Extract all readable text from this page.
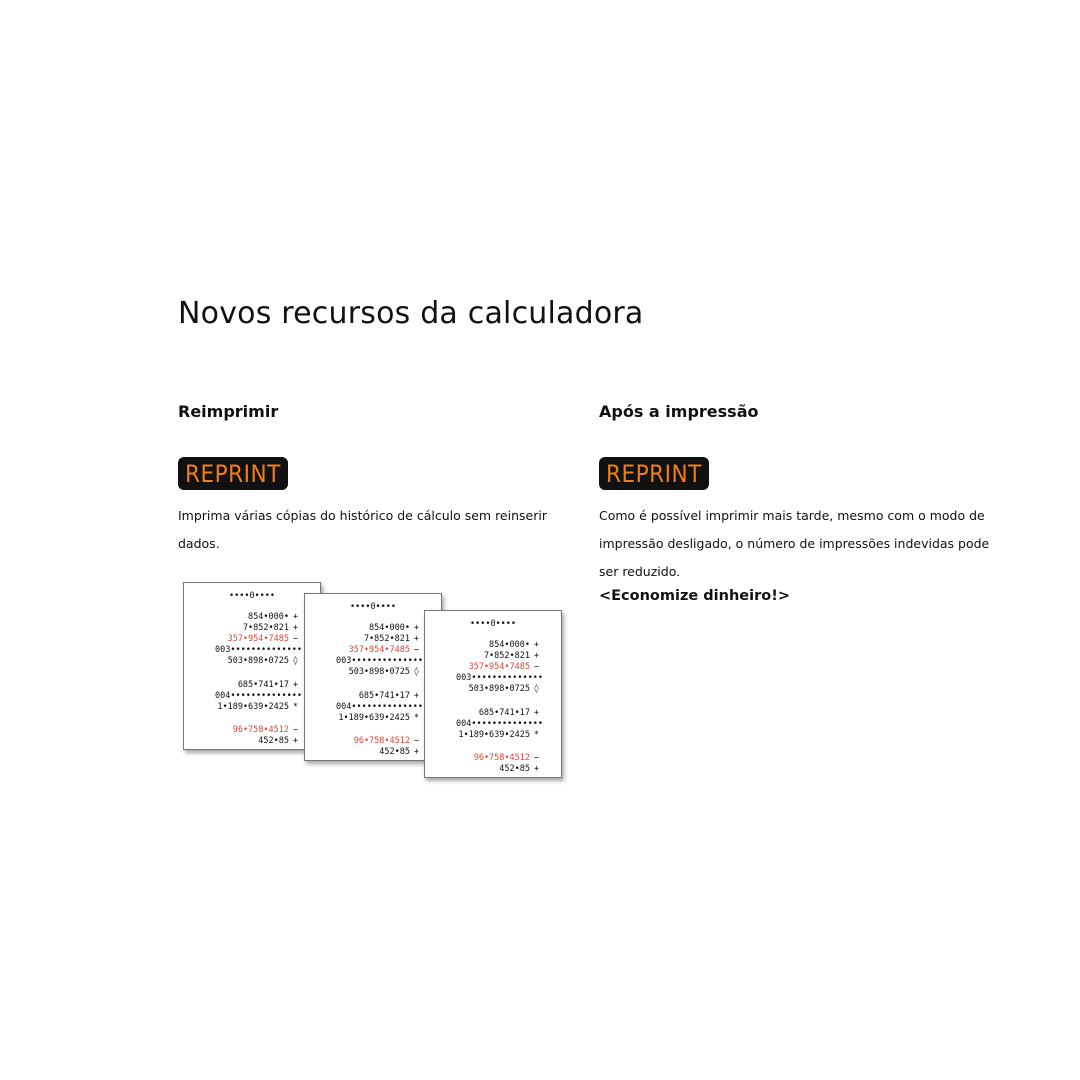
Novos recursos da calculadora
Reimprimir
REPRINT

Imprima várias cópias do histórico de cálculo sem reinserir dados.

••••0••••
854•000• +
7•852•821 +
357•954•7485 −
003••••••••••••••
503•898•0725 ◊
685•741•17 +
004••••••••••••••
1•189•639•2425 *
96•758•4512 −
452•85 +
••••0••••
854•000• +
7•852•821 +
357•954•7485 −
003••••••••••••••
503•898•0725 ◊
685•741•17 +
004••••••••••••••
1•189•639•2425 *
96•758•4512 −
452•85 +
••••0••••
854•000• +
7•852•821 +
357•954•7485 −
003••••••••••••••
503•898•0725 ◊
685•741•17 +
004••••••••••••••
1•189•639•2425 *
96•758•4512 −
452•85 +
Após a impressão
REPRINT

Como é possível imprimir mais tarde, mesmo com o modo de impressão desligado, o número de impressões indevidas pode ser reduzido.

<Economize dinheiro!>
